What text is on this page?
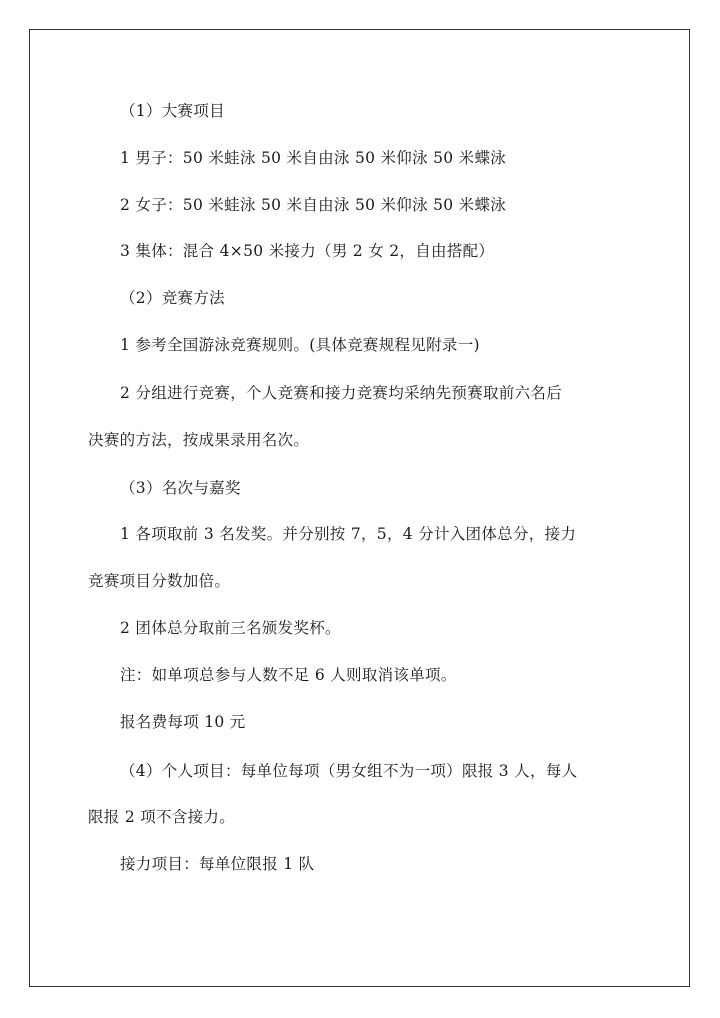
（1）大赛项目
1 男子：50 米蛙泳 50 米自由泳 50 米仰泳 50 米蝶泳
2 女子：50 米蛙泳 50 米自由泳 50 米仰泳 50 米蝶泳
3 集体：混合 4×50 米接力（男 2 女 2，自由搭配）
（2）竞赛方法
1 参考全国游泳竞赛规则。(具体竞赛规程见附录一)
2 分组进行竞赛，个人竞赛和接力竞赛均采纳先预赛取前六名后
决赛的方法，按成果录用名次。
（3）名次与嘉奖
1 各项取前 3 名发奖。并分别按 7，5，4 分计入团体总分，接力
竞赛项目分数加倍。
2 团体总分取前三名颁发奖杯。
注：如单项总参与人数不足 6 人则取消该单项。
报名费每项 10 元
（4）个人项目：每单位每项（男女组不为一项）限报 3 人，每人
限报 2 项不含接力。
接力项目：每单位限报 1 队
